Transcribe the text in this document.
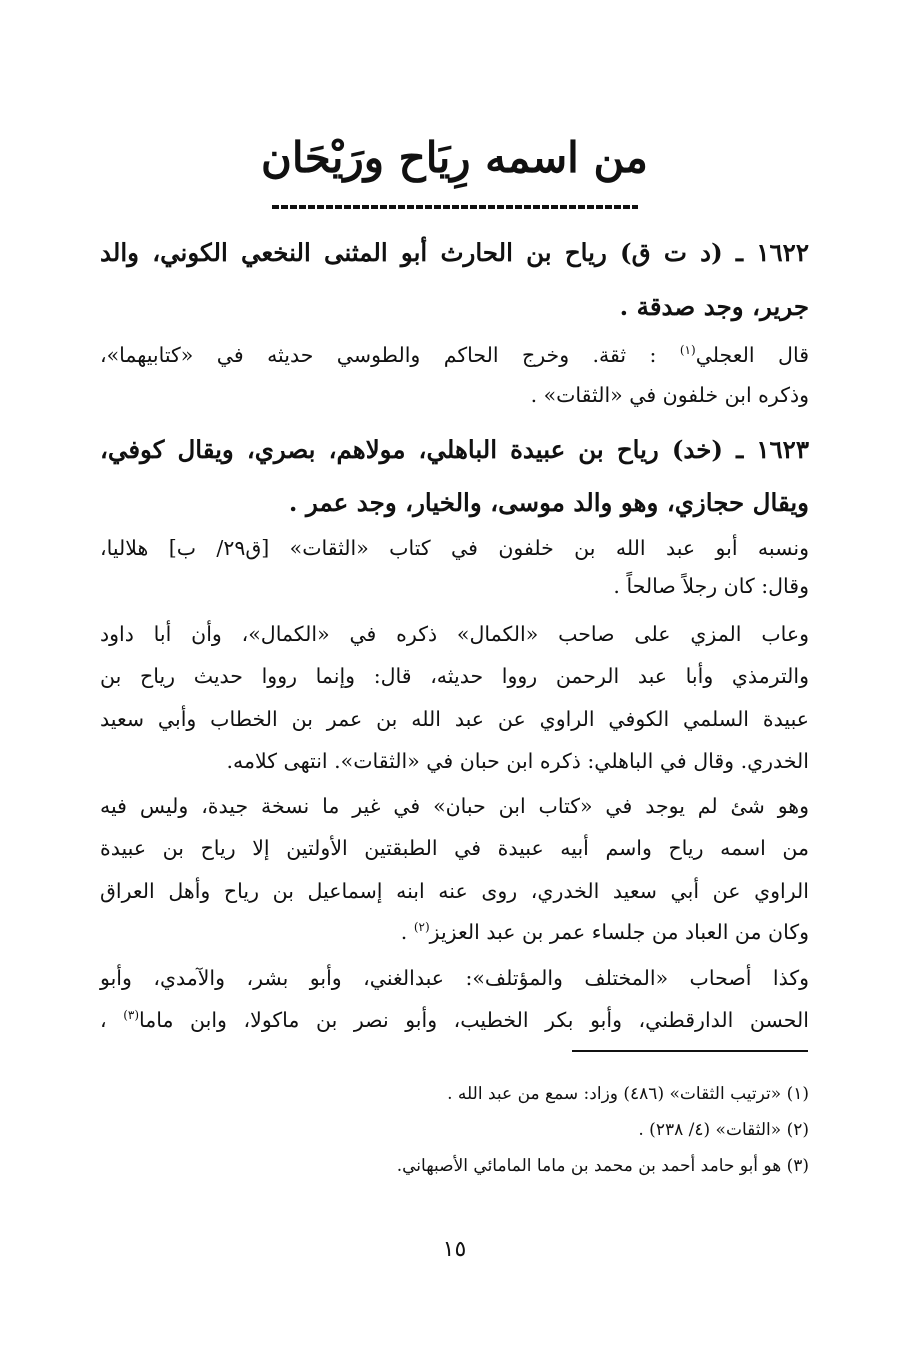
من اسمه رِيَاح ورَيْحَان
١٦٢٢ ـ (د ت ق) رياح بن الحارث أبو المثنى النخعي الكوني، والد
جرير، وجد صدقة .
قال العجلي$^{(١)}$ : ثقة. وخرج الحاكم والطوسي حديثه في «كتابيهما»،
وذكره ابن خلفون في «الثقات» .
١٦٢٣ ـ (خد) رياح بن عبيدة الباهلي، مولاهم، بصري، ويقال كوفي،
ويقال حجازي، وهو والد موسى، والخيار، وجد عمر .
ونسبه أبو عبد الله بن خلفون في كتاب «الثقات» [ق٢٩/ ب] هلاليا،
وقال: كان رجلاً صالحاً .
وعاب المزي على صاحب «الكمال» ذكره في «الكمال»، وأن أبا داود
والترمذي وأبا عبد الرحمن رووا حديثه، قال: وإنما رووا حديث رياح بن
عبيدة السلمي الكوفي الراوي عن عبد الله بن عمر بن الخطاب وأبي سعيد
الخدري. وقال في الباهلي: ذكره ابن حبان في «الثقات». انتهى كلامه.
وهو شئ لم يوجد في «كتاب ابن حبان» في غير ما نسخة جيدة، وليس فيه
من اسمه رياح واسم أبيه عبيدة في الطبقتين الأولتين إلا رياح بن عبيدة
الراوي عن أبي سعيد الخدري، روى عنه ابنه إسماعيل بن رياح وأهل العراق
وكان من العباد من جلساء عمر بن عبد العزيز$^{(٢)}$ .
وكذا أصحاب «المختلف والمؤتلف»: عبدالغني، وأبو بشر، والآمدي، وأبو
الحسن الدارقطني، وأبو بكر الخطيب، وأبو نصر بن ماكولا، وابن ماما$^{(٣)}$ ،
(١) «ترتيب الثقات» (٤٨٦) وزاد: سمع من عبد الله .
(٢) «الثقات» (٤/ ٢٣٨) .
(٣) هو أبو حامد أحمد بن محمد بن ماما المامائي الأصبهاني.
١٥
